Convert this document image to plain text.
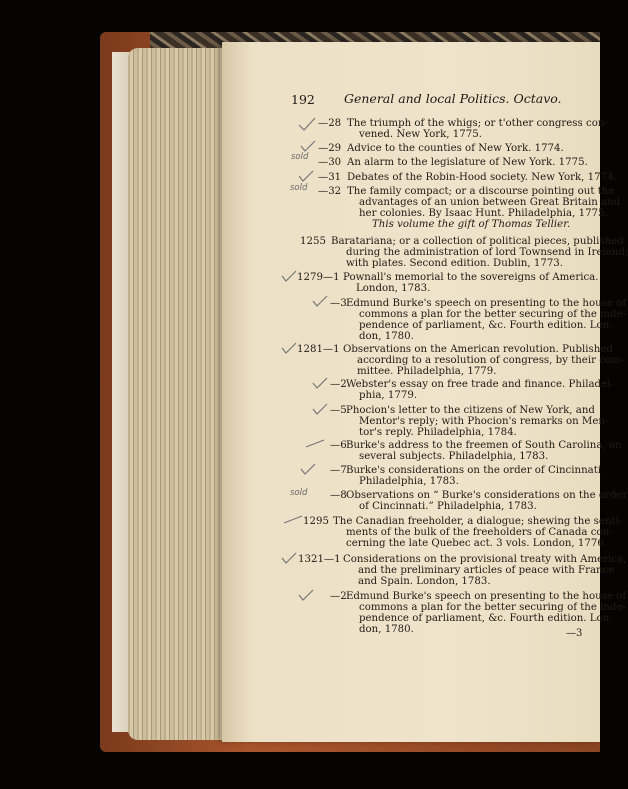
192 General and local Politics. Octavo.
—28 The triumph of the whigs; or t'other congress con-
vened. New York, 1775.
—29 Advice to the counties of New York. 1774.
—30 An alarm to the legislature of New York. 1775.
—31 Debates of the Robin-Hood society. New York, 1774.
—32 The family compact; or a discourse pointing out the
advantages of an union between Great Britain and
her colonies. By Isaac Hunt. Philadelphia, 1775.
This volume the gift of Thomas Tellier.
1255 Baratariana; or a collection of political pieces, published
during the administration of lord Townsend in Ireland;
with plates. Second edition. Dublin, 1773.
1279—1 Pownall's memorial to the sovereigns of America.
London, 1783.
—3 Edmund Burke's speech on presenting to the house of
commons a plan for the better securing of the inde-
pendence of parliament, &c. Fourth edition. Lon-
don, 1780.
1281—1 Observations on the American revolution. Published
according to a resolution of congress, by their com-
mittee. Philadelphia, 1779.
—2 Webster's essay on free trade and finance. Philadel-
phia, 1779.
—5 Phocion's letter to the citizens of New York, and
Mentor's reply; with Phocion's remarks on Men-
tor's reply. Philadelphia, 1784.
—6 Burke's address to the freemen of South Carolina, on
several subjects. Philadelphia, 1783.
—7 Burke's considerations on the order of Cincinnati.
Philadelphia, 1783.
—8 Observations on “ Burke's considerations on the order
of Cincinnati.” Philadelphia, 1783.
1295 The Canadian freeholder, a dialogue; shewing the senti-
ments of the bulk of the freeholders of Canada con-
cerning the late Quebec act. 3 vols. London, 1776.
1321—1 Considerations on the provisional treaty with America,
and the preliminary articles of peace with France
and Spain. London, 1783.
—2 Edmund Burke's speech on presenting to the house of
commons a plan for the better securing of the inde-
pendence of parliament, &c. Fourth edition. Lon-
don, 1780.	—3
sold
sold
sold
